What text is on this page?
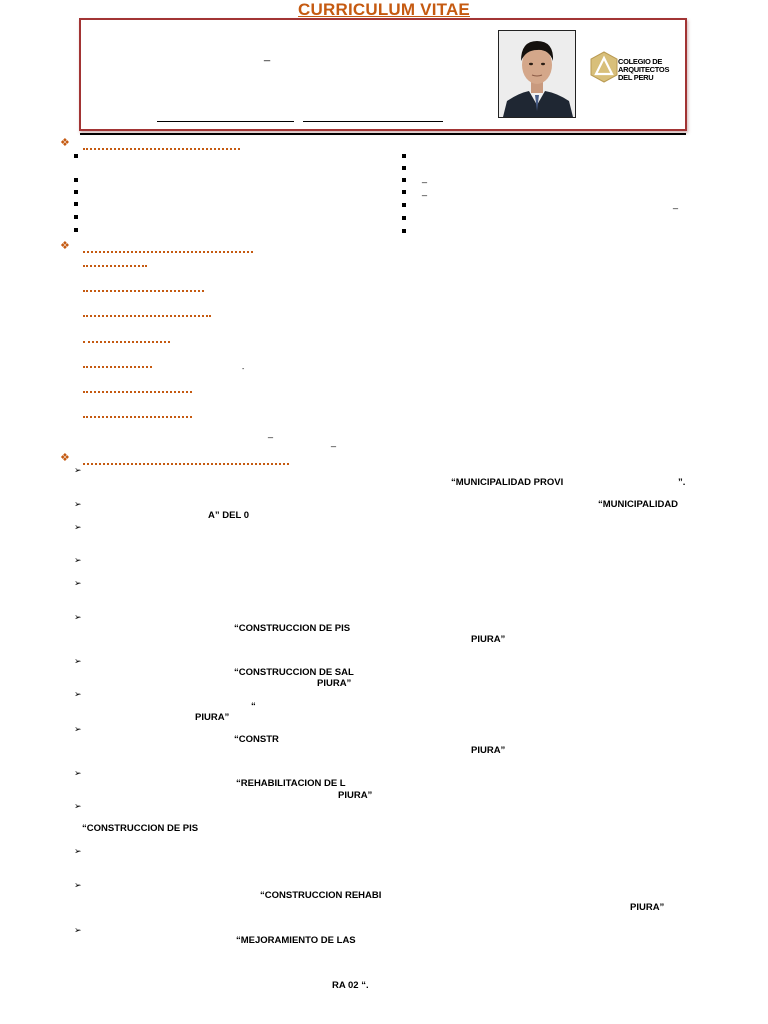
CURRICULUM VITAE
_	COLEGIO DE
ARQUITECTOS
DEL PERU
❖
_
_
_
❖
-
_
_
❖
➢
➢
➢
➢
➢
➢
➢
➢
➢
➢
➢
➢
➢
➢
“MUNICIPALIDAD PROVI	”.
“MUNICIPALIDAD
A” DEL 0
“CONSTRUCCION DE PIS
PIURA”
“CONSTRUCCION DE SAL
PIURA”
“
PIURA”
“CONSTR
PIURA”
“REHABILITACION DE L
PIURA”
“CONSTRUCCION DE PIS
“CONSTRUCCION REHABI
PIURA”
“MEJORAMIENTO DE LAS
RA 02 “.
